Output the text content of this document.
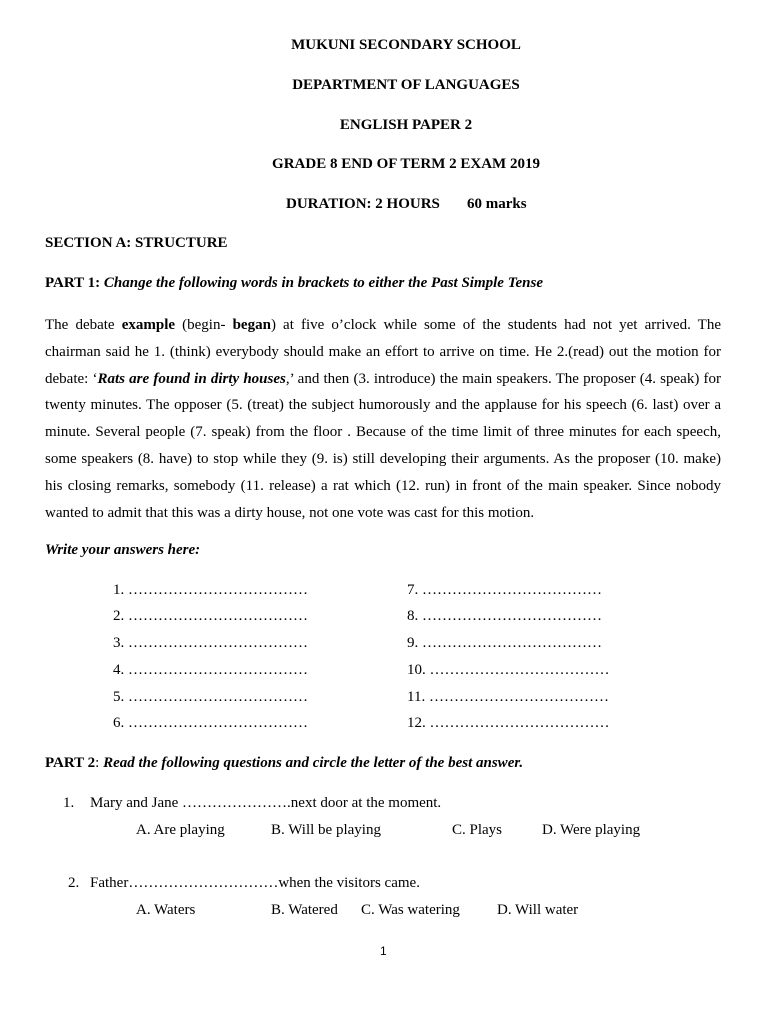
MUKUNI SECONDARY SCHOOL
DEPARTMENT OF LANGUAGES
ENGLISH PAPER 2
GRADE 8 END OF TERM 2 EXAM 2019
DURATION: 2 HOURS 60 marks
SECTION A: STRUCTURE
PART 1: Change the following words in brackets to either the Past Simple Tense
The debate example (begin- began) at five o’clock while some of the students had not yet arrived. The chairman said he 1. (think) everybody should make an effort to arrive on time. He 2.(read) out the motion for debate: ‘Rats are found in dirty houses,’ and then (3. introduce) the main speakers. The proposer (4. speak) for twenty minutes. The opposer (5. (treat) the subject humorously and the applause for his speech (6. last) over a minute. Several people (7. speak) from the floor . Because of the time limit of three minutes for each speech, some speakers (8. have) to stop while they (9. is) still developing their arguments. As the proposer (10. make) his closing remarks, somebody (11. release) a rat which (12. run) in front of the main speaker. Since nobody wanted to admit that this was a dirty house, not one vote was cast for this motion.
Write your answers here:
1. ………………………………
2. ………………………………
3. ………………………………
4. ………………………………
5. ………………………………
6. ………………………………
7. ………………………………
8. ………………………………
9. ………………………………
10. ………………………………
11. ………………………………
12. ………………………………
PART 2: Read the following questions and circle the letter of the best answer.
1. Mary and Jane ………………….next door at the moment.
A. Are playing	B. Will be playing	C. Plays	D. Were playing
2. Father…………………………when the visitors came.
A. Waters	B. Watered C. Was watering D. Will water
1
